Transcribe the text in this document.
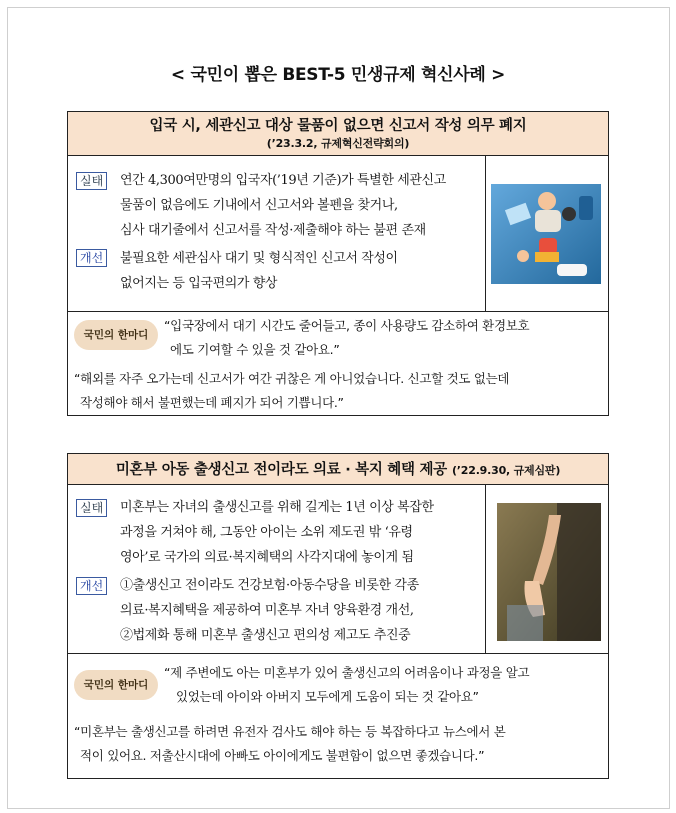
< 국민이 뽑은 BEST-5 민생규제 혁신사례 >
입국 시, 세관신고 대상 물품이 없으면 신고서 작성 의무 폐지
(’23.3.2, 규제혁신전략회의)
실태	연간 4,300여만명의 입국자(’19년 기준)가 특별한 세관신고
물품이 없음에도 기내에서 신고서와 볼펜을 찾거나,
심사 대기줄에서 신고서를 작성·제출해야 하는 불편 존재
개선	불필요한 세관심사 대기 및 형식적인 신고서 작성이
없어지는 등 입국편의가 향상
국민의 한마디
“입국장에서 대기 시간도 줄어들고, 종이 사용량도 감소하여 환경보호
에도 기여할 수 있을 것 같아요.”
“해외를 자주 오가는데 신고서가 여간 귀찮은 게 아니었습니다. 신고할 것도 없는데
작성해야 해서 불편했는데 폐지가 되어 기쁩니다.”
미혼부 아동 출생신고 전이라도 의료 · 복지 혜택 제공 (’22.9.30, 규제심판)
실태	미혼부는 자녀의 출생신고를 위해 길게는 1년 이상 복잡한
과정을 거쳐야 해, 그동안 아이는 소위 제도권 밖 ‘유령
영아’로 국가의 의료·복지혜택의 사각지대에 놓이게 됨
개선	①출생신고 전이라도 건강보험·아동수당을 비롯한 각종
의료·복지혜택을 제공하여 미혼부 자녀 양육환경 개선,
②법제화 통해 미혼부 출생신고 편의성 제고도 추진중
국민의 한마디
“제 주변에도 아는 미혼부가 있어 출생신고의 어려움이나 과정을 알고
있었는데 아이와 아버지 모두에게 도움이 되는 것 같아요”
“미혼부는 출생신고를 하려면 유전자 검사도 해야 하는 등 복잡하다고 뉴스에서 본
적이 있어요. 저출산시대에 아빠도 아이에게도 불편함이 없으면 좋겠습니다.”
